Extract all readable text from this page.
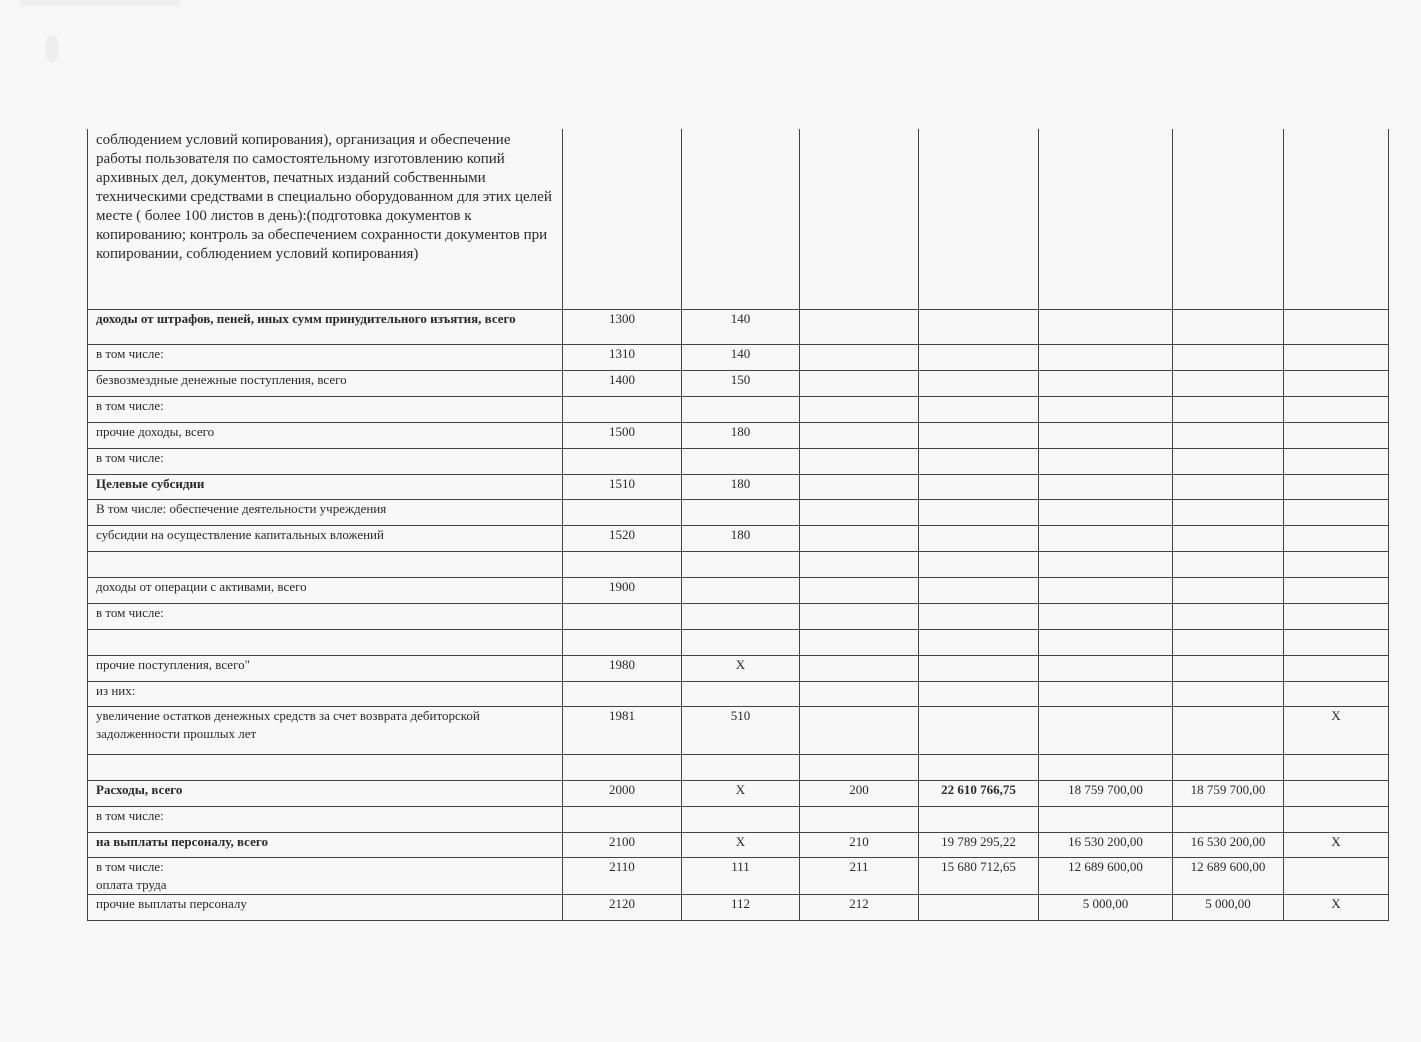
соблюдением условий копирования), организация и обеспечение работы пользователя по самостоятельному изготовлению копий архивных дел, документов, печатных изданий собственными техническими средствами в специально оборудованном для этих целей месте ( более 100 листов в день):(подготовка документов к копированию; контроль за обеспечением сохранности документов при копировании, соблюдением условий копирования)							
доходы от штрафов, пеней, иных сумм принудительного изъятия, всего	1300	140					
в том числе:	1310	140					
безвозмездные денежные поступления, всего	1400	150					
в том числе:							
прочие доходы, всего	1500	180					
в том числе:							
Целевые субсидии	1510	180					
В том числе: обеспечение деятельности учреждения							
субсидии на осуществление капитальных вложений	1520	180					

доходы от операции с активами, всего	1900						
в том числе:							

прочие поступления, всего"	1980	X					
из них:							
увеличение остатков денежных средств за счет возврата дебиторской задолженности прошлых лет	1981	510					X

Расходы, всего	2000	X	200	22 610 766,75	18 759 700,00	18 759 700,00	
в том числе:							
на выплаты персоналу, всего	2100	X	210	19 789 295,22	16 530 200,00	16 530 200,00	X
в том числе:
оплата труда	2110	111	211	15 680 712,65	12 689 600,00	12 689 600,00	
прочие выплаты персоналу	2120	112	212		5 000,00	5 000,00	X
